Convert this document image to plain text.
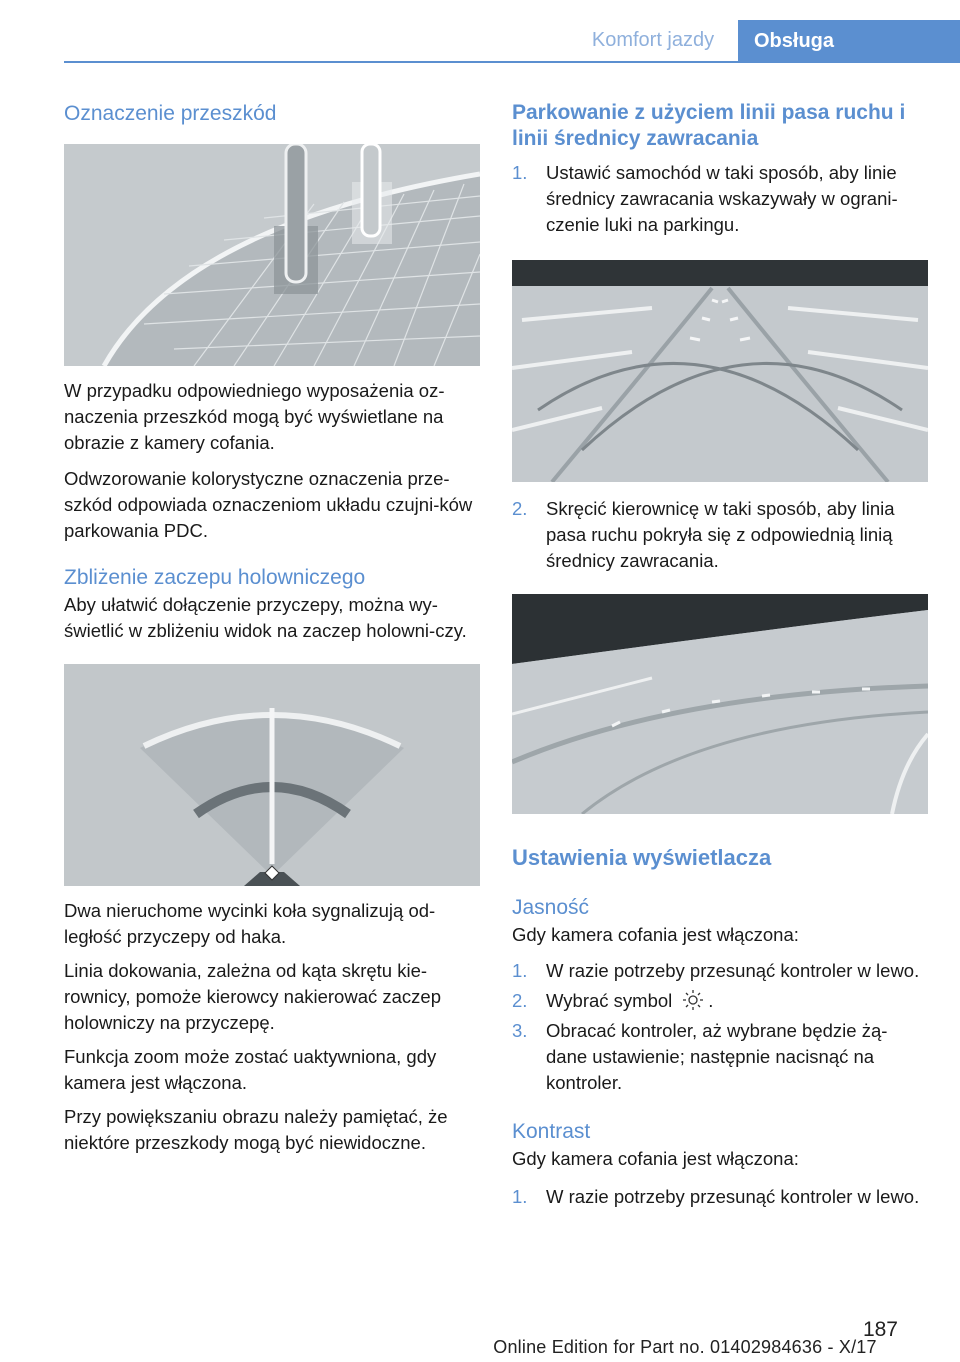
Komfort jazdy	Obsługa
Oznaczenie przeszkód

W przypadku odpowiedniego wyposażenia oz-naczenia przeszkód mogą być wyświetlane na obrazie z kamery cofania.

Odwzorowanie kolorystyczne oznaczenia prze-szkód odpowiada oznaczeniom układu czujni-ków parkowania PDC.

Zbliżenie zaczepu holowniczego

Aby ułatwić dołączenie przyczepy, można wy-świetlić w zbliżeniu widok na zaczep holowni-czy.

Dwa nieruchome wycinki koła sygnalizują od-ległość przyczepy od haka.

Linia dokowania, zależna od kąta skrętu kie-rownicy, pomoże kierowcy nakierować zaczep holowniczy na przyczepę.

Funkcja zoom może zostać uaktywniona, gdy kamera jest włączona.

Przy powiększaniu obrazu należy pamiętać, że niektóre przeszkody mogą być niewidoczne.

Parkowanie z użyciem linii pasa ruchu i linii średnicy zawracania
1. Ustawić samochód w taki sposób, aby linie średnicy zawracania wskazywały w ograni-czenie luki na parkingu.
2. Skręcić kierownicę w taki sposób, aby linia pasa ruchu pokryła się z odpowiednią linią średnicy zawracania.
Ustawienia wyświetlacza
Jasność

Gdy kamera cofania jest włączona:

1. W razie potrzeby przesunąć kontroler w lewo.
2. Wybrać symbol .
3. Obracać kontroler, aż wybrane będzie żą-dane ustawienie; następnie nacisnąć na kontroler.
Kontrast

Gdy kamera cofania jest włączona:

1. W razie potrzeby przesunąć kontroler w lewo.
187
Online Edition for Part no. 01402984636 - X/17
